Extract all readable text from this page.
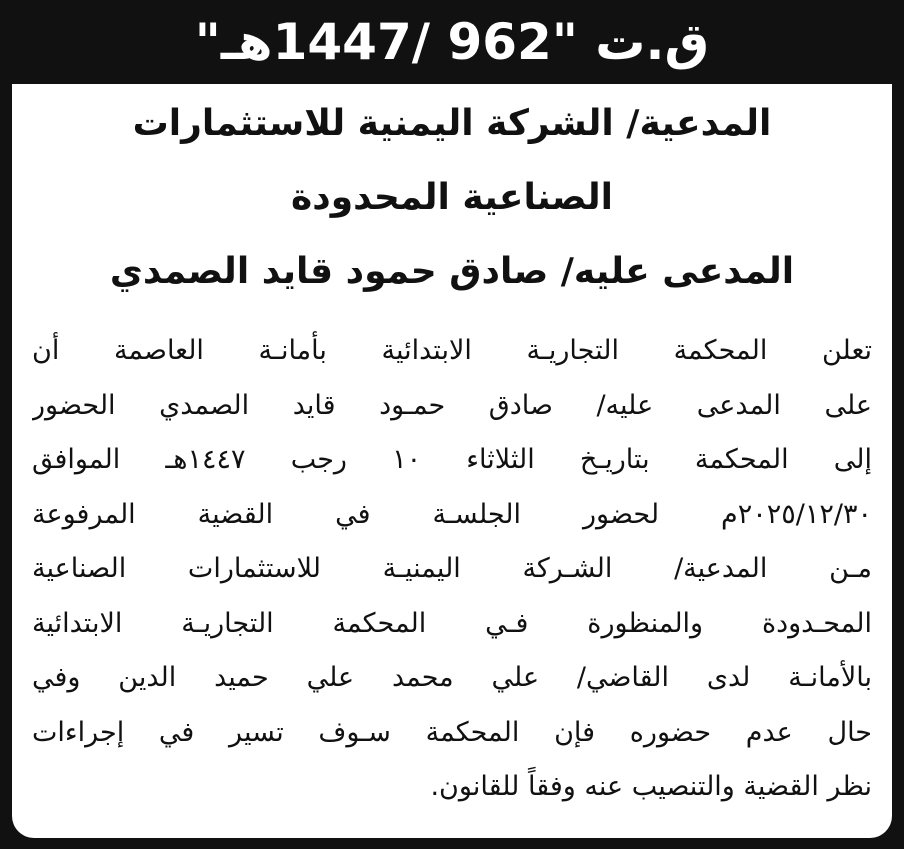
ق.ت "962 /1447هـ"
المدعية/ الشركة اليمنية للاستثمارات
الصناعية المحدودة
المدعى عليه/ صادق حمود قايد الصمدي
تعلن المحكمة التجاريـة الابتدائية بأمانـة العاصمة أن
على المدعى عليه/ صادق حمـود قايد الصمدي الحضور
إلى المحكمة بتاريـخ الثلاثاء ١٠ رجب ١٤٤٧هـ الموافق
٢٠٢٥/١٢/٣٠م لحضور الجلسـة في القضية المرفوعة
مـن المدعية/ الشـركة اليمنيـة للاستثمارات الصناعية
المحـدودة والمنظورة فـي المحكمة التجاريـة الابتدائية
بالأمانـة لدى القاضي/ علي محمد علي حميد الدين وفي
حال عدم حضوره فإن المحكمة سـوف تسير في إجراءات
نظر القضية والتنصيب عنه وفقاً للقانون.
